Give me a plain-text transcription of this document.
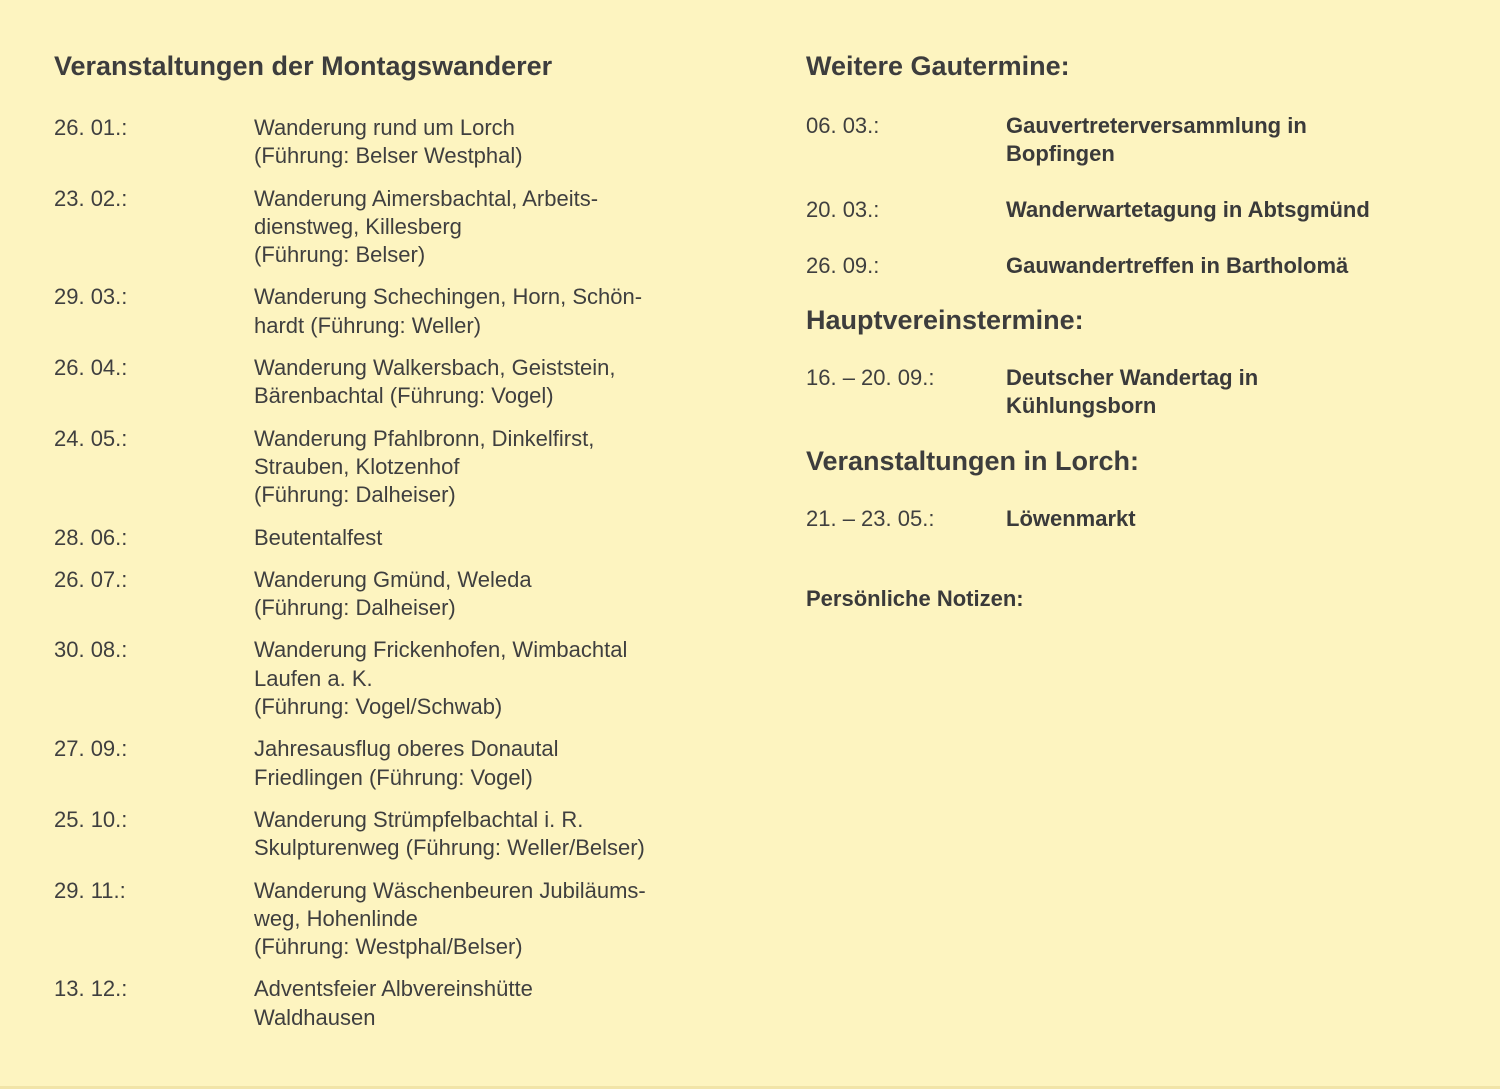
Veranstaltungen der Montagswanderer
26. 01.:	Wanderung rund um Lorch
(Führung: Belser Westphal)
23. 02.:	Wanderung Aimersbachtal, Arbeits-
dienstweg, Killesberg
(Führung: Belser)
29. 03.:	Wanderung Schechingen, Horn, Schön-
hardt (Führung: Weller)
26. 04.:	Wanderung Walkersbach, Geiststein,
Bärenbachtal (Führung: Vogel)
24. 05.:	Wanderung Pfahlbronn, Dinkelfirst,
Strauben, Klotzenhof
(Führung: Dalheiser)
28. 06.:	Beutentalfest
26. 07.:	Wanderung Gmünd, Weleda
(Führung: Dalheiser)
30. 08.:	Wanderung Frickenhofen, Wimbachtal
Laufen a. K.
(Führung: Vogel/Schwab)
27. 09.:	Jahresausflug oberes Donautal
Friedlingen (Führung: Vogel)
25. 10.:	Wanderung Strümpfelbachtal i. R.
Skulpturenweg (Führung: Weller/Belser)
29. 11.:	Wanderung Wäschenbeuren Jubiläums-
weg, Hohenlinde
(Führung: Westphal/Belser)
13. 12.:	Adventsfeier Albvereinshütte
Waldhausen
Weitere Gautermine:
06. 03.:	Gauvertreterversammlung in
Bopfingen
20. 03.:	Wanderwartetagung in Abtsgmünd
26. 09.:	Gauwandertreffen in Bartholomä
Hauptvereinstermine:
16. – 20. 09.:	Deutscher Wandertag in
Kühlungsborn
Veranstaltungen in Lorch:
21. – 23. 05.:	Löwenmarkt
Persönliche Notizen:
